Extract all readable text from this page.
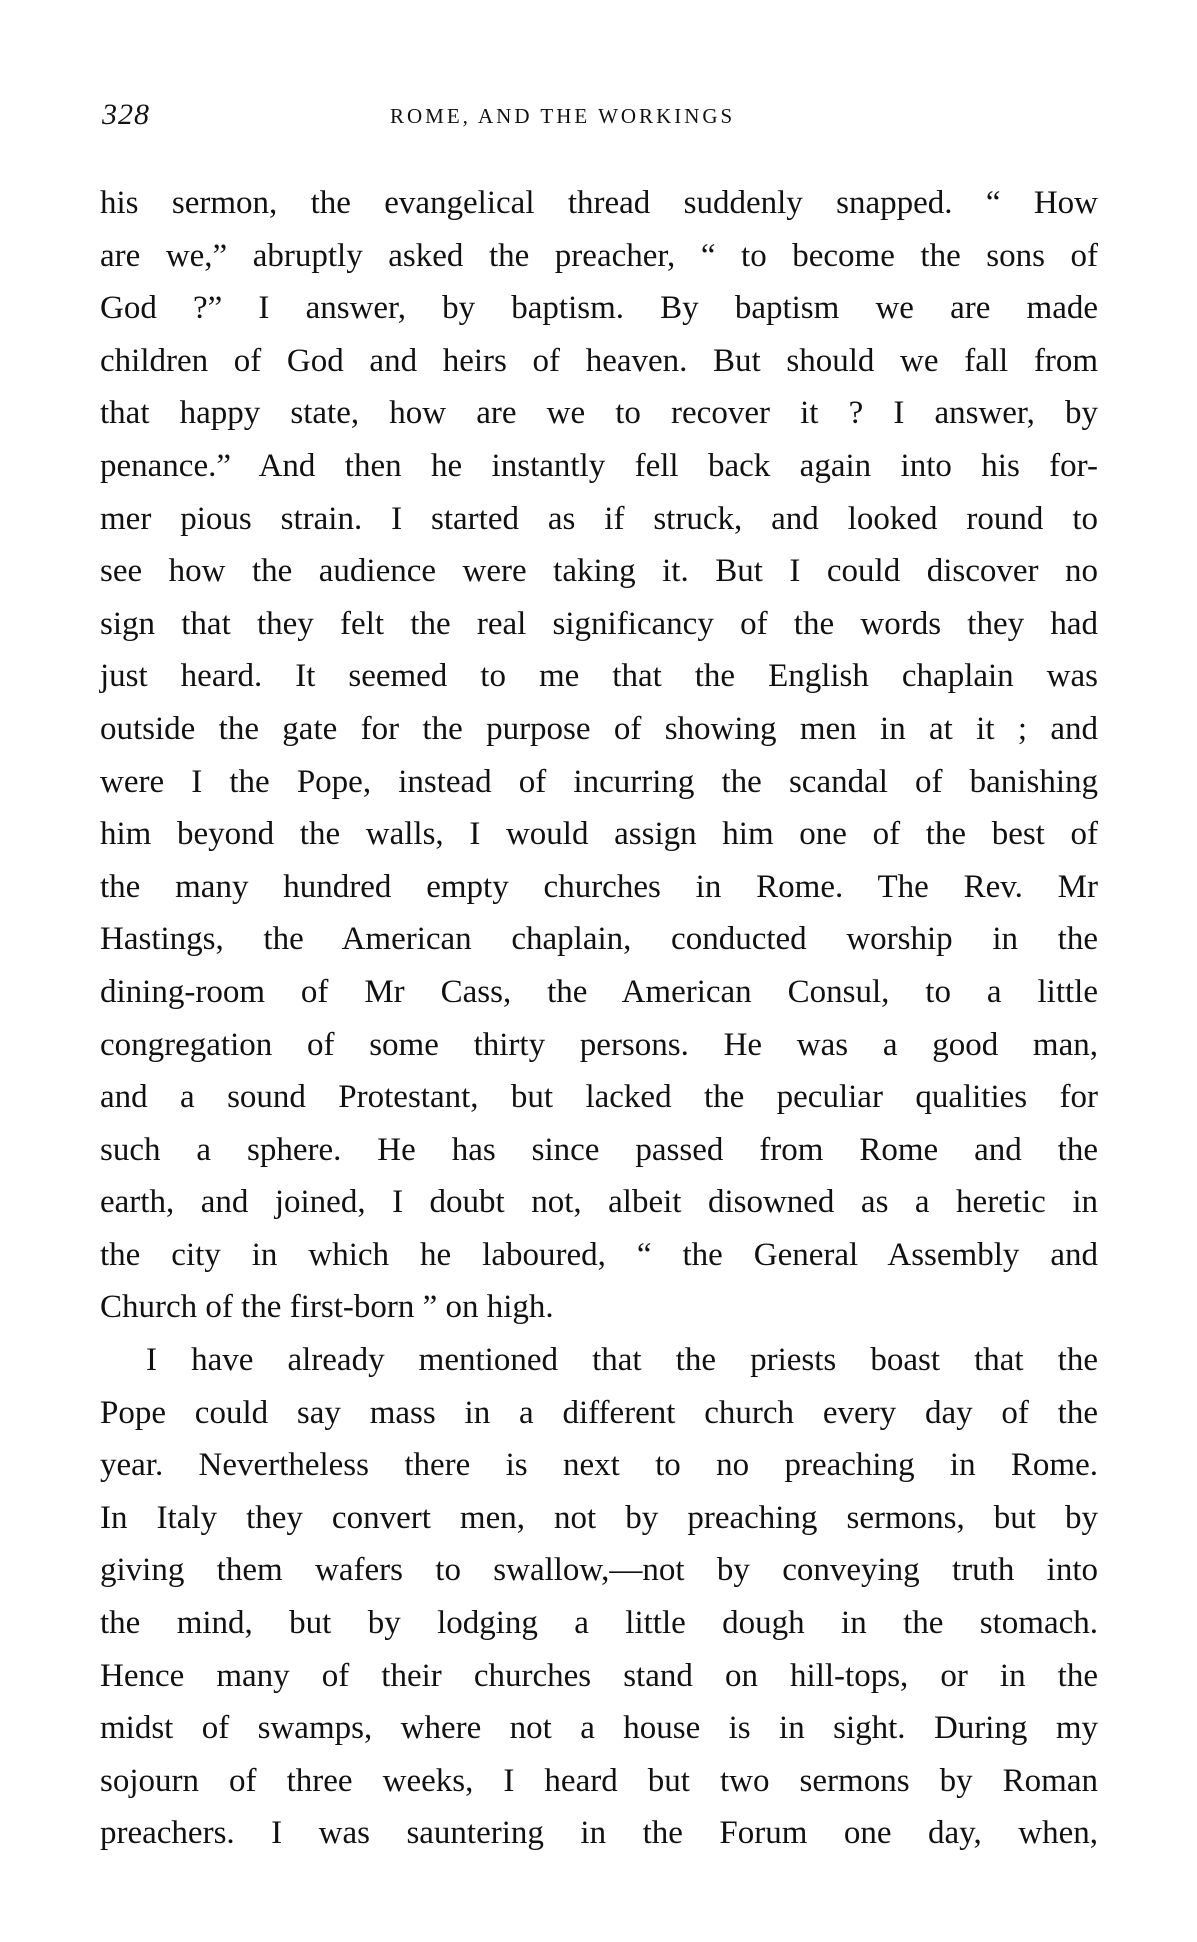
328	ROME, AND THE WORKINGS
his sermon, the evangelical thread suddenly snapped. “ How
are we,” abruptly asked the preacher, “ to become the sons of
God ?” I answer, by baptism. By baptism we are made
children of God and heirs of heaven. But should we fall from
that happy state, how are we to recover it ? I answer, by
penance.” And then he instantly fell back again into his for-
mer pious strain. I started as if struck, and looked round to
see how the audience were taking it. But I could discover no
sign that they felt the real significancy of the words they had
just heard. It seemed to me that the English chaplain was
outside the gate for the purpose of showing men in at it ; and
were I the Pope, instead of incurring the scandal of banishing
him beyond the walls, I would assign him one of the best of
the many hundred empty churches in Rome. The Rev. Mr
Hastings, the American chaplain, conducted worship in the
dining-room of Mr Cass, the American Consul, to a little
congregation of some thirty persons. He was a good man,
and a sound Protestant, but lacked the peculiar qualities for
such a sphere. He has since passed from Rome and the
earth, and joined, I doubt not, albeit disowned as a heretic in
the city in which he laboured, “ the General Assembly and
Church of the first-born ” on high.
I have already mentioned that the priests boast that the
Pope could say mass in a different church every day of the
year. Nevertheless there is next to no preaching in Rome.
In Italy they convert men, not by preaching sermons, but by
giving them wafers to swallow,—not by conveying truth into
the mind, but by lodging a little dough in the stomach.
Hence many of their churches stand on hill-tops, or in the
midst of swamps, where not a house is in sight. During my
sojourn of three weeks, I heard but two sermons by Roman
preachers. I was sauntering in the Forum one day, when,
